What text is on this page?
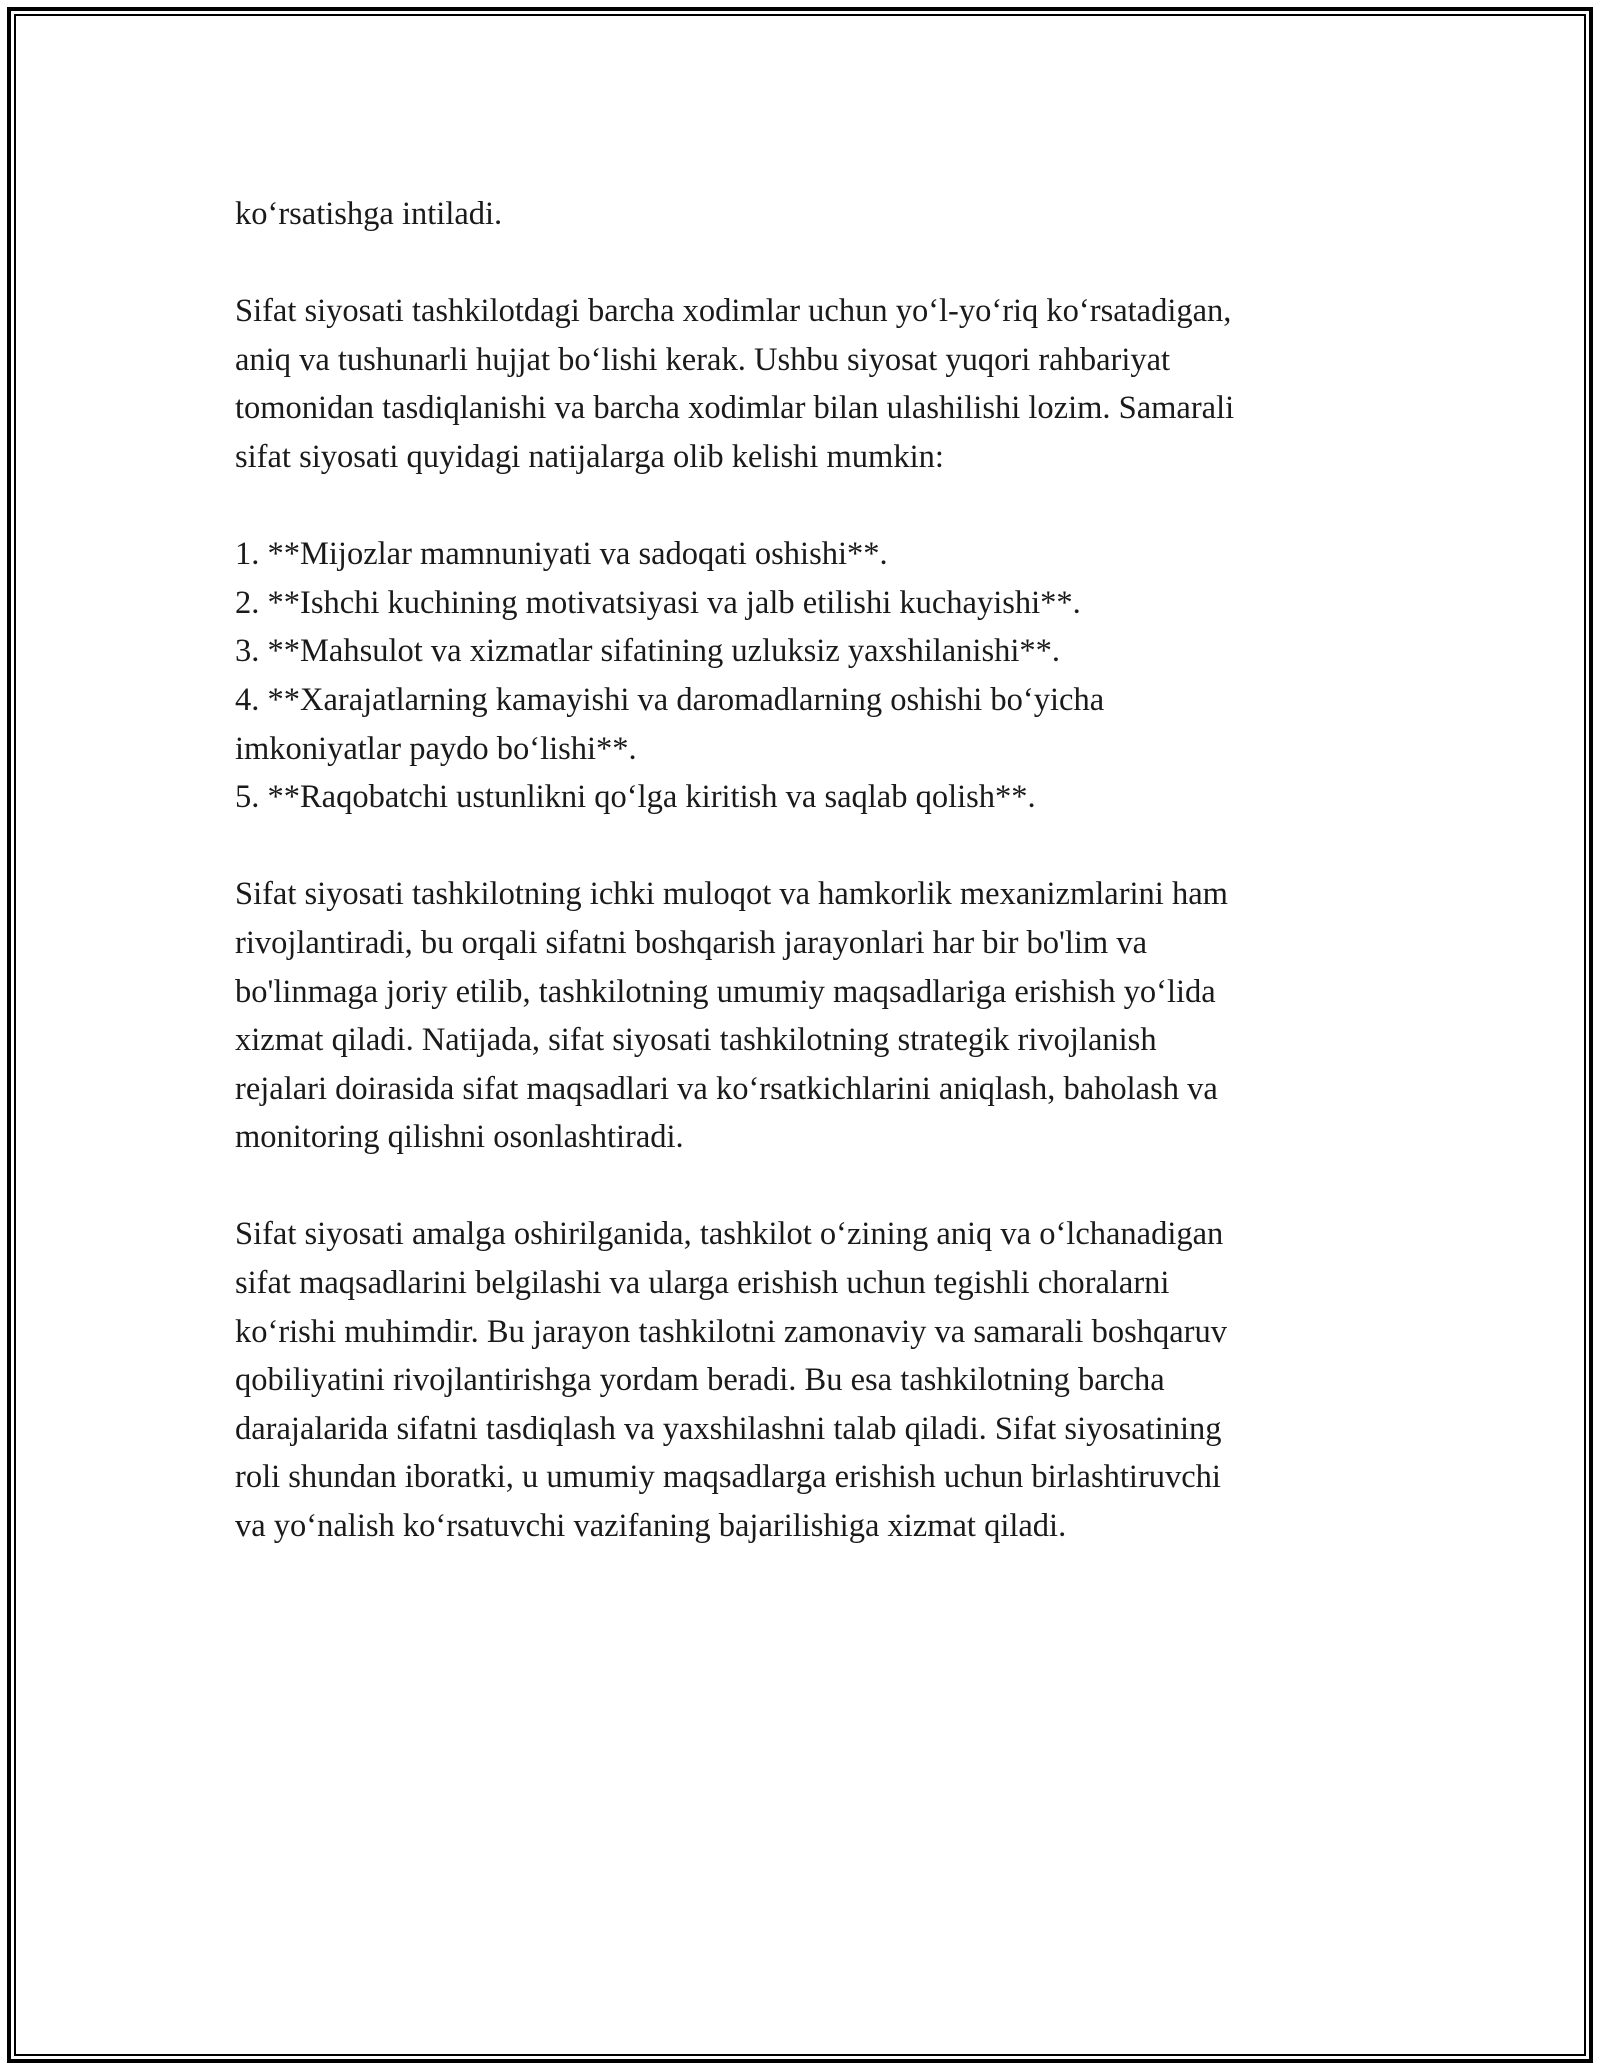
ko‘rsatishga intiladi.

Sifat siyosati tashkilotdagi barcha xodimlar uchun yo‘l-yo‘riq ko‘rsatadigan,
aniq va tushunarli hujjat bo‘lishi kerak. Ushbu siyosat yuqori rahbariyat
tomonidan tasdiqlanishi va barcha xodimlar bilan ulashilishi lozim. Samarali
sifat siyosati quyidagi natijalarga olib kelishi mumkin:

1. **Mijozlar mamnuniyati va sadoqati oshishi**.
2. **Ishchi kuchining motivatsiyasi va jalb etilishi kuchayishi**.
3. **Mahsulot va xizmatlar sifatining uzluksiz yaxshilanishi**.
4. **Xarajatlarning kamayishi va daromadlarning oshishi bo‘yicha
imkoniyatlar paydo bo‘lishi**.
5. **Raqobatchi ustunlikni qo‘lga kiritish va saqlab qolish**.

Sifat siyosati tashkilotning ichki muloqot va hamkorlik mexanizmlarini ham
rivojlantiradi, bu orqali sifatni boshqarish jarayonlari har bir bo'lim va
bo'linmaga joriy etilib, tashkilotning umumiy maqsadlariga erishish yo‘lida
xizmat qiladi. Natijada, sifat siyosati tashkilotning strategik rivojlanish
rejalari doirasida sifat maqsadlari va ko‘rsatkichlarini aniqlash, baholash va
monitoring qilishni osonlashtiradi.

Sifat siyosati amalga oshirilganida, tashkilot o‘zining aniq va o‘lchanadigan
sifat maqsadlarini belgilashi va ularga erishish uchun tegishli choralarni
ko‘rishi muhimdir. Bu jarayon tashkilotni zamonaviy va samarali boshqaruv
qobiliyatini rivojlantirishga yordam beradi. Bu esa tashkilotning barcha
darajalarida sifatni tasdiqlash va yaxshilashni talab qiladi. Sifat siyosatining
roli shundan iboratki, u umumiy maqsadlarga erishish uchun birlashtiruvchi
va yo‘nalish ko‘rsatuvchi vazifaning bajarilishiga xizmat qiladi.
